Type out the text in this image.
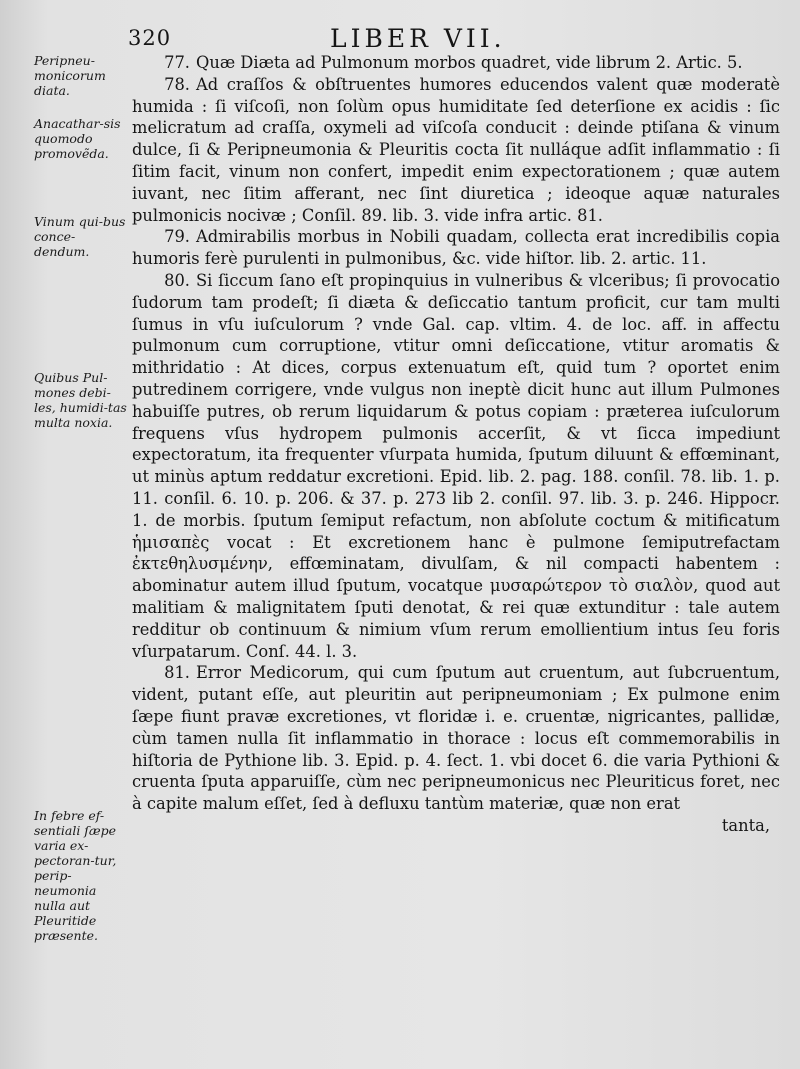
320	LIBER VII.
Peripneu-monicorum diata.
Anacathar-sis quomodo promovẽda.
Vinum qui-bus conce-dendum.
Quibus Pul-mones debi-les, humidi-tas multa noxia.
In febre ef-sentiali ſæpe varia ex-pectoran-tur, perip-neumonia nulla aut Pleuritide præsente.

77. Quæ Diæta ad Pulmonum morbos quadret, vide librum 2. Artic. 5.

78. Ad craſſos & obſtruentes humores educendos valent quæ moderatè humida : ſi viſcoſi, non ſolùm opus humiditate ſed deterſione ex acidis : ſic melicratum ad craſſa, oxymeli ad viſcoſa conducit : deinde ptiſana & vinum dulce, ſi & Peripneumonia & Pleuritis cocta ſit nulláque adſit inflammatio : ſi ſitim facit, vinum non confert, impedit enim expectorationem ; quæ autem iuvant, nec ſitim afferant, nec ſint diuretica ; ideoque aquæ naturales pulmonicis nocivæ ; Conſil. 89. lib. 3. vide infra artic. 81.

79. Admirabilis morbus in Nobili quadam, collecta erat incredibilis copia humoris ferè purulenti in pulmonibus, &c. vide hiſtor. lib. 2. artic. 11.

80. Si ſiccum ſano eſt propinquius in vulneribus & vlceribus; ſi provocatio ſudorum tam prodeſt; ſi diæta & deſiccatio tantum proficit, cur tam multi ſumus in vſu iuſculorum ? vnde Gal. cap. vltim. 4. de loc. aff. in affectu pulmonum cum corruptione, vtitur omni deſiccatione, vtitur aromatis & mithridatio : At dices, corpus extenuatum eſt, quid tum ? oportet enim putredinem corrigere, vnde vulgus non ineptè dicit hunc aut illum Pulmones habuiſſe putres, ob rerum liquidarum & potus copiam : præterea iuſculorum frequens vſus hydropem pulmonis accerſit, & vt ſicca impediunt expectoratum, ita frequenter vſurpata humida, ſputum diluunt & effœminant, ut minùs aptum reddatur excretioni. Epid. lib. 2. pag. 188. conſil. 78. lib. 1. p. 11. conſil. 6. 10. p. 206. & 37. p. 273 lib 2. conſil. 97. lib. 3. p. 246. Hippocr. 1. de morbis. ſputum ſemiput refactum, non abſolute coctum & mitificatum ἡμισαπὲς vocat : Et excretionem hanc è pulmone ſemiputrefactam ἐκτεθηλυσμένην, effœminatam, divulſam, & nil compacti habentem : abominatur autem illud ſputum, vocatque μυσαρώτερον τὸ σιαλὸν, quod aut malitiam & malignitatem ſputi denotat, & rei quæ extunditur : tale autem redditur ob continuum & nimium vſum rerum emollientium intus ſeu foris vſurpatarum. Conſ. 44. l. 3.

81. Error Medicorum, qui cum ſputum aut cruentum, aut ſubcruentum, vident, putant eſſe, aut pleuritin aut peripneumoniam ; Ex pulmone enim ſæpe fiunt pravæ excretiones, vt floridæ i. e. cruentæ, nigricantes, pallidæ, cùm tamen nulla ſit inflammatio in thorace : locus eſt commemorabilis in hiſtoria de Pythione lib. 3. Epid. p. 4. ſect. 1. vbi docet 6. die varia Pythioni & cruenta ſputa apparuiſſe, cùm nec peripneumonicus nec Pleuriticus foret, nec à capite malum eſſet, ſed à defluxu tantùm materiæ, quæ non erat

tanta,
